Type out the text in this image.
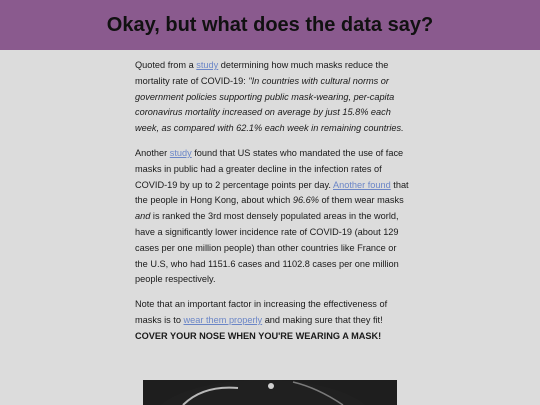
Okay, but what does the data say?

Quoted from a study determining how much masks reduce the mortality rate of COVID-19: "In countries with cultural norms or government policies supporting public mask-wearing, per-capita coronavirus mortality increased on average by just 15.8% each week, as compared with 62.1% each week in remaining countries.

Another study found that US states who mandated the use of face masks in public had a greater decline in the infection rates of COVID-19 by up to 2 percentage points per day. Another found that the people in Hong Kong, about which 96.6% of them wear masks and is ranked the 3rd most densely populated areas in the world, have a significantly lower incidence rate of COVID-19 (about 129 cases per one million people) than other countries like France or the U.S, who had 1151.6 cases and 1102.8 cases per one million people respectively.

Note that an important factor in increasing the effectiveness of masks is to wear them properly and making sure that they fit! COVER YOUR NOSE WHEN YOU'RE WEARING A MASK!
